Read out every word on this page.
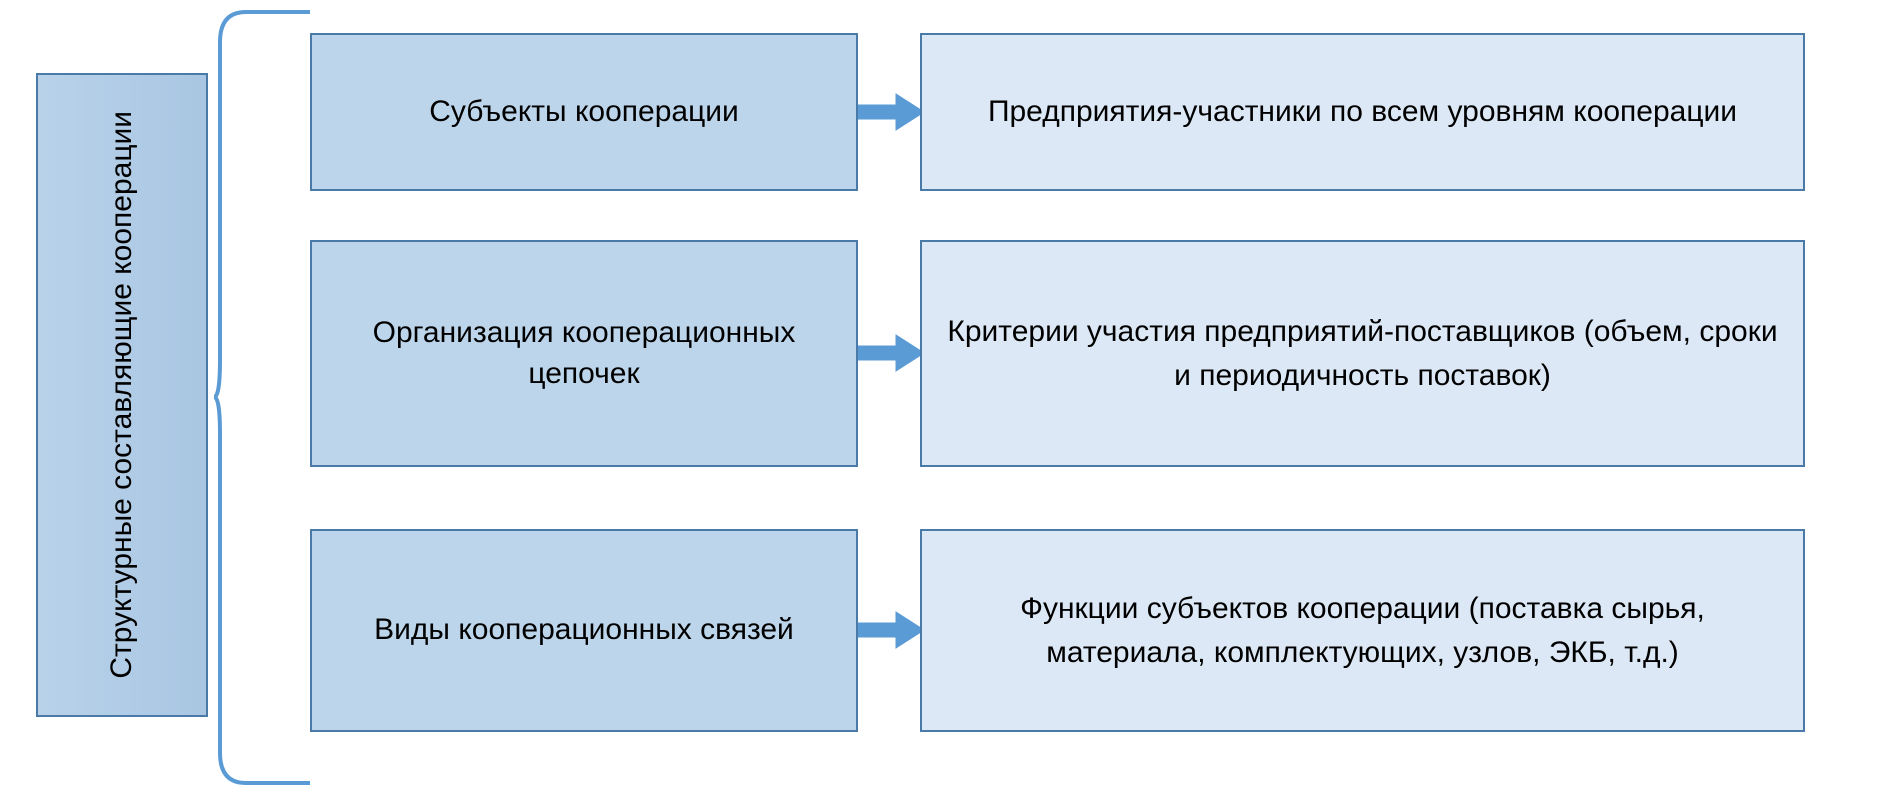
Структурные составляющие кооперации	Субъекты кооперации	Предприятия-участники по всем уровням кооперации
Организация кооперационных цепочек
Критерии участия предприятий-поставщиков (объем, сроки и периодичность поставок)
Виды кооперационных связей
Функции субъектов кооперации (поставка сырья, материала, комплектующих, узлов, ЭКБ, т.д.)
